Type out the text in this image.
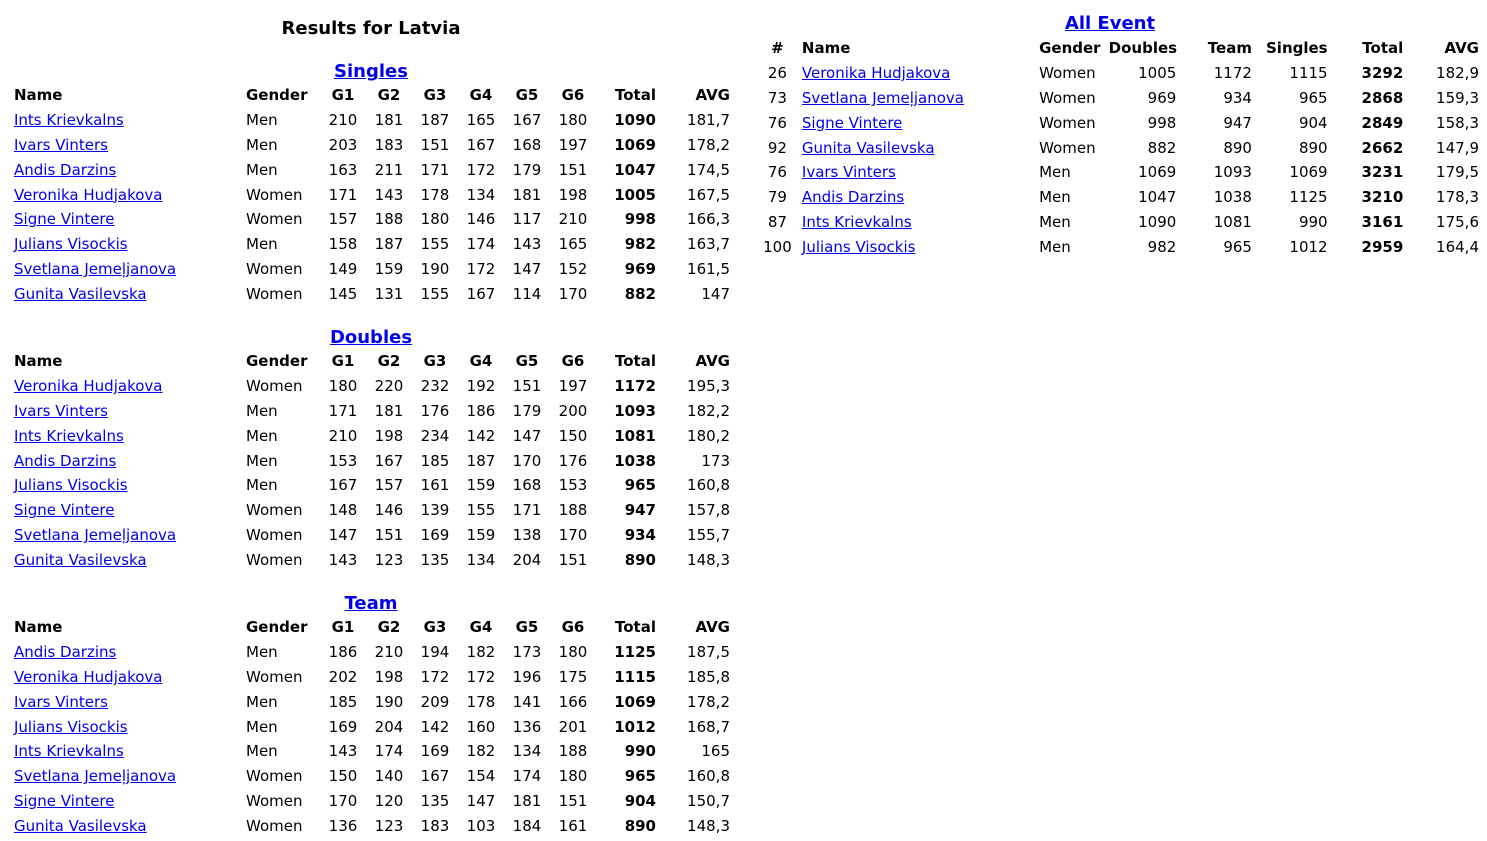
Results for Latvia
Singles
Name	Gender	G1	G2	G3	G4	G5	G6	Total	AVG
Ints Krievkalns	Men	210	181	187	165	167	180	1090	181,7
Ivars Vinters	Men	203	183	151	167	168	197	1069	178,2
Andis Darzins	Men	163	211	171	172	179	151	1047	174,5
Veronika Hudjakova	Women	171	143	178	134	181	198	1005	167,5
Signe Vintere	Women	157	188	180	146	117	210	998	166,3
Julians Visockis	Men	158	187	155	174	143	165	982	163,7
Svetlana Jemeļjanova	Women	149	159	190	172	147	152	969	161,5
Gunita Vasilevska	Women	145	131	155	167	114	170	882	147
Doubles
Name	Gender	G1	G2	G3	G4	G5	G6	Total	AVG
Veronika Hudjakova	Women	180	220	232	192	151	197	1172	195,3
Ivars Vinters	Men	171	181	176	186	179	200	1093	182,2
Ints Krievkalns	Men	210	198	234	142	147	150	1081	180,2
Andis Darzins	Men	153	167	185	187	170	176	1038	173
Julians Visockis	Men	167	157	161	159	168	153	965	160,8
Signe Vintere	Women	148	146	139	155	171	188	947	157,8
Svetlana Jemeļjanova	Women	147	151	169	159	138	170	934	155,7
Gunita Vasilevska	Women	143	123	135	134	204	151	890	148,3
Team
Name	Gender	G1	G2	G3	G4	G5	G6	Total	AVG
Andis Darzins	Men	186	210	194	182	173	180	1125	187,5
Veronika Hudjakova	Women	202	198	172	172	196	175	1115	185,8
Ivars Vinters	Men	185	190	209	178	141	166	1069	178,2
Julians Visockis	Men	169	204	142	160	136	201	1012	168,7
Ints Krievkalns	Men	143	174	169	182	134	188	990	165
Svetlana Jemeļjanova	Women	150	140	167	154	174	180	965	160,8
Signe Vintere	Women	170	120	135	147	181	151	904	150,7
Gunita Vasilevska	Women	136	123	183	103	184	161	890	148,3
All Event
#	Name	Gender	Doubles	Team	Singles	Total	AVG
26	Veronika Hudjakova	Women	1005	1172	1115	3292	182,9
73	Svetlana Jemeļjanova	Women	969	934	965	2868	159,3
76	Signe Vintere	Women	998	947	904	2849	158,3
92	Gunita Vasilevska	Women	882	890	890	2662	147,9
76	Ivars Vinters	Men	1069	1093	1069	3231	179,5
79	Andis Darzins	Men	1047	1038	1125	3210	178,3
87	Ints Krievkalns	Men	1090	1081	990	3161	175,6
100	Julians Visockis	Men	982	965	1012	2959	164,4
